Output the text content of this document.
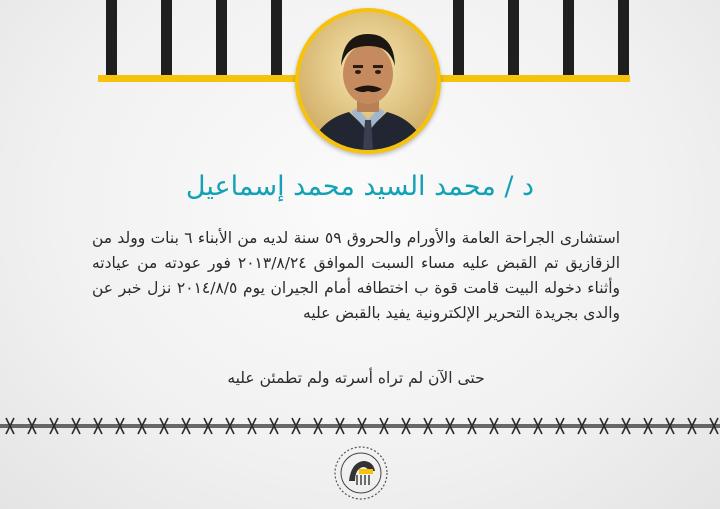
د / محمد السيد محمد إسماعيل
استشارى الجراحة العامة والأورام والحروق ٥٩ سنة لديه من الأبناء ٦ بنات وولد من الزقازيق تم القبض عليه مساء السبت الموافق ٢٠١٣/٨/٢٤ فور عودته من عيادته وأثناء دخوله البيت قامت قوة ب اختطافه أمام الجيران يوم ٢٠١٤/٨/٥ نزل خبر عن والدى بجريدة التحرير الإلكترونية يفيد بالقبض عليه
حتى الآن لم تراه أسرته ولم تطمئن عليه
